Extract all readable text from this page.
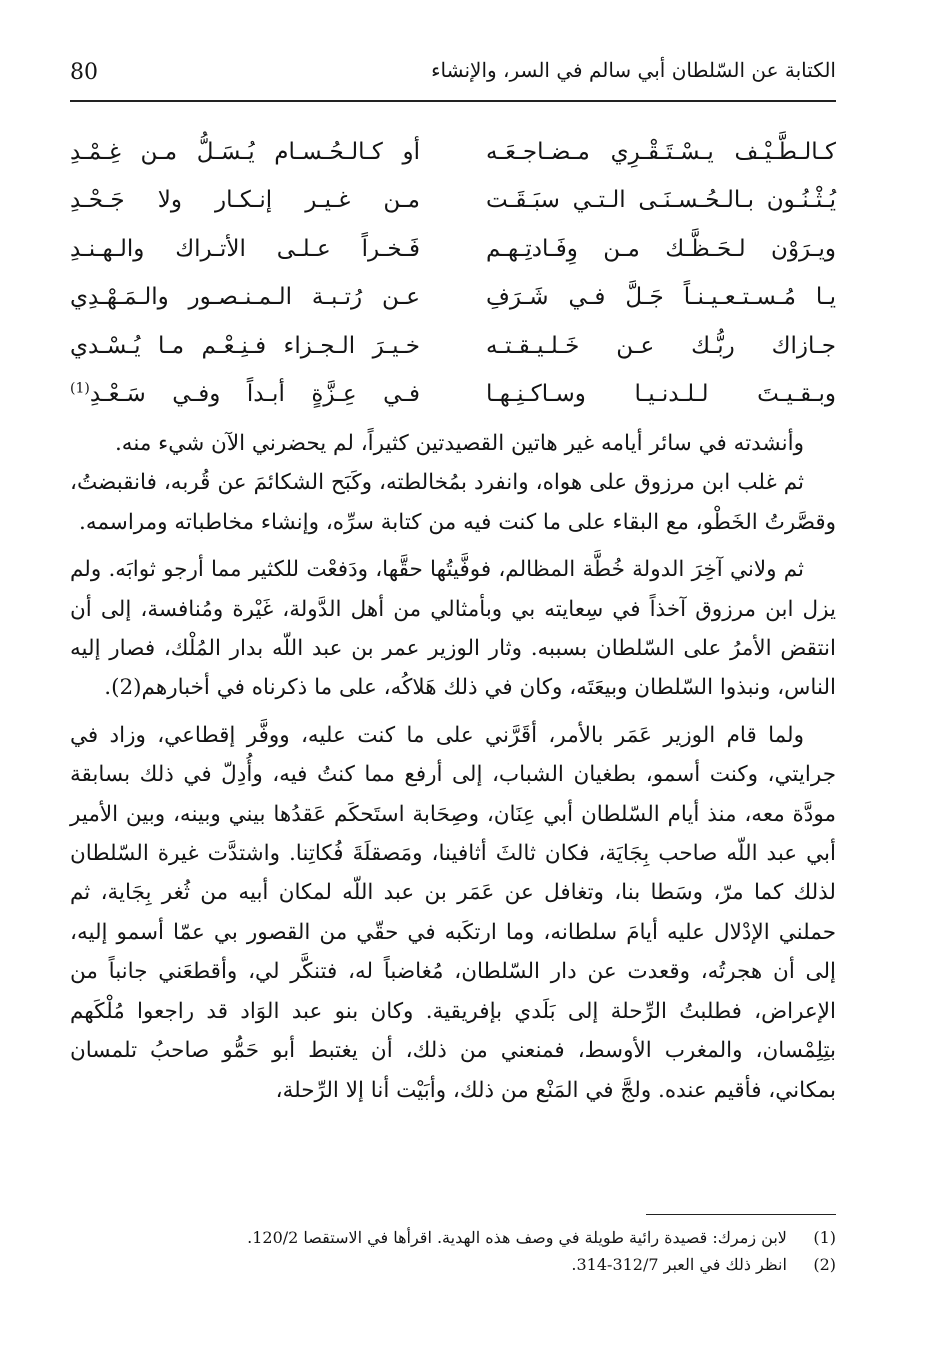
80	الكتابة عن السّلطان أبي سالم في السر، والإنشاء
كـالـطَّـيْـف يـسْـتَـقْـرِي مـضـاجـعَـه
أو كـالـحُـسـام يُـسَـلُّ مـن غِـمْـدِ
يُـثْـنُـون بـالـحُـسـنَـى الـتـي سبَـقَـت
مـن غـيـر إنـكـار ولا جَـحْـدِ
ويـرَوْن لـحَـظَّـك مـن وِفَـادتِـهـم
فَـخـراً عـلـى الأتـراك والـهـنـدِ
يـا مُـسـتـعـيـنـاً جَـلَّ فـي شَـرَفِ
عـن رُتـبـة الـمـنـصـور والـمَـهْـدِي
جـازاك ربُّـك عـن خَـلـيـقـتـه
خـيـرَ الـجـزاء فـنِـعْـم مـا يُـسْـدي
وبـقـيـتَ لـلـدنـيـا وسـاكـنِـهـا
فـي عِـزَّةٍ أبـداً وفـي سَـعْـدِ$^{(1)}$

وأنشدته في سائر أيامه غير هاتين القصيدتين كثيراً، لم يحضرني الآن شيء منه.

ثم غلب ابن مرزوق على هواه، وانفرد بمُخالطته، وكَبَح الشكائمَ عن قُربه، فانقبضتُ، وقصَّرتُ الخَطْو، مع البقاء على ما كنت فيه من كتابة سرِّه، وإنشاء مخاطباته ومراسمه.

ثم ولاني آخِرَ الدولة خُطَّة المظالم، فوفَّيتُها حقَّها، ودَفعْت للكثير مما أرجو ثوابَه. ولم يزل ابن مرزوق آخذاً في سِعايته بي وبأمثالي من أهل الدَّولة، غَيْرة ومُنافسة، إلى أن انتقض الأمرُ على السّلطان بسببه. وثار الوزير عمر بن عبد اللّه بدار المُلْك، فصار إليه الناس، ونبذوا السّلطان وبيعَتَه، وكان في ذلك هَلاكُه، على ما ذكرناه في أخبارهم(2).

ولما قام الوزير عَمَر بالأمر، أقَرَّني على ما كنت عليه، ووفَّر إقطاعي، وزاد في جرايتي، وكنت أسمو، بطغيان الشباب، إلى أرفع مما كنتُ فيه، وأُدِلّ في ذلك بسابقة مودَّة معه، منذ أيام السّلطان أبي عِنَان، وصِحَابة استَحكَم عَقدُها بيني وبينه، وبين الأمير أبي عبد اللّه صاحب بِجَايَة، فكان ثالثَ أثافينا، ومَصقلَةَ فُكاتِنا. واشتدَّت غيرة السّلطان لذلك كما مرّ، وسَطا بنا، وتغافل عن عَمَر بن عبد اللّه لمكان أبيه من ثُغر بِجَاية، ثم حملني الإدْلال عليه أيامَ سلطانه، وما ارتكَبه في حقّي من القصور بي عمّا أسمو إليه، إلى أن هجرتُه، وقعدت عن دار السّلطان، مُغاضباً له، فتنكَّر لي، وأقطعَني جانباً من الإعراض، فطلبتُ الرِّحلة إلى بَلَدي بإفريقية. وكان بنو عبد الوَاد قد راجعوا مُلْكَهم بتِلِمْسان، والمغرب الأوسط، فمنعني من ذلك، أن يغتبط أبو حَمُّو صاحبُ تلمسان بمكاني، فأقيم عنده. ولجَّ في المَنْع من ذلك، وأبَيْت أنا إلا الرِّحلة،

(1) لابن زمرك: قصيدة رائية طويلة في وصف هذه الهدية. اقرأها في الاستقصا 120/2.
(2) انظر ذلك في العبر 312/7-314.
